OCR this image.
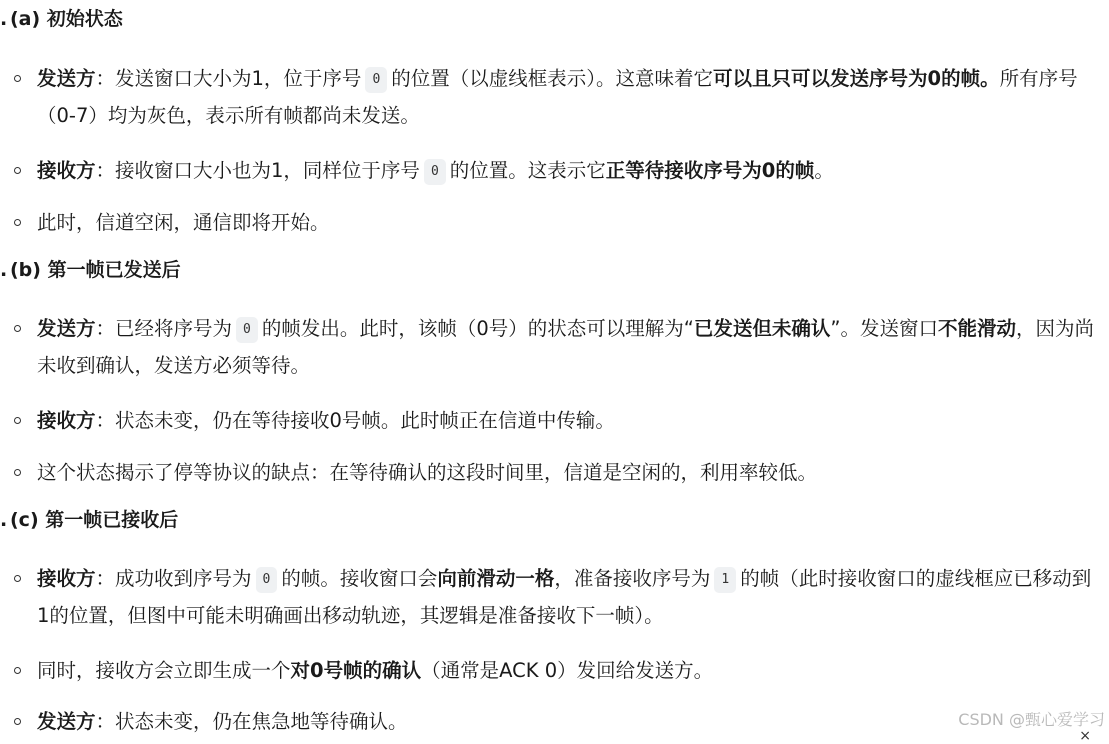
. (a) 初始状态
发送方：发送窗口大小为1，位于序号 0 的位置（以虚线框表示）。这意味着它可以且只可以发送序号为0的帧。所有序号（0-7）均为灰色，表示所有帧都尚未发送。
接收方：接收窗口大小也为1，同样位于序号 0 的位置。这表示它正等待接收序号为0的帧。
此时，信道空闲，通信即将开始。
. (b) 第一帧已发送后
发送方：已经将序号为 0 的帧发出。此时，该帧（0号）的状态可以理解为“已发送但未确认”。发送窗口不能滑动，因为尚未收到确认，发送方必须等待。
接收方：状态未变，仍在等待接收0号帧。此时帧正在信道中传输。
这个状态揭示了停等协议的缺点：在等待确认的这段时间里，信道是空闲的，利用率较低。
. (c) 第一帧已接收后
接收方：成功收到序号为 0 的帧。接收窗口会向前滑动一格，准备接收序号为 1 的帧（此时接收窗口的虚线框应已移动到1的位置，但图中可能未明确画出移动轨迹，其逻辑是准备接收下一帧）。
同时，接收方会立即生成一个对0号帧的确认（通常是ACK 0）发回给发送方。
发送方：状态未变，仍在焦急地等待确认。	CSDN @甄心爱学习
×
